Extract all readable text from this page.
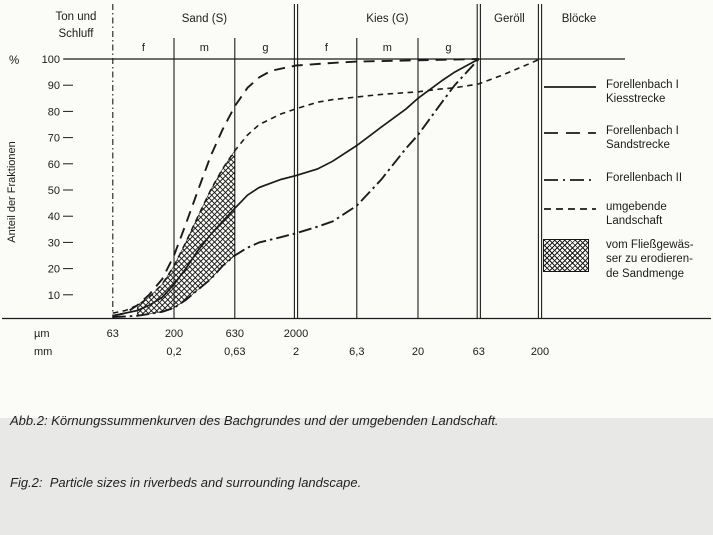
% 100
90
80
70
60
50
40
30
20
10
Anteil der Fraktionen
Ton und
Schluff
Sand (S)
f	m	g
Kies (G)
f	m	g
Geröll	Blöcke
µm	63	200	630	2000
mm	0,2	0,63	2	6,3	20	63	200
Forellenbach I
Kiesstrecke
Forellenbach I
Sandstrecke
Forellenbach II
umgebende
Landschaft
vom Fließgewäs-
ser zu erodieren-
de Sandmenge

Abb.2: Körnungssummenkurven des Bachgrundes und der umgebenden Landschaft.

Fig.2:  Particle sizes in riverbeds and surrounding landscape.
